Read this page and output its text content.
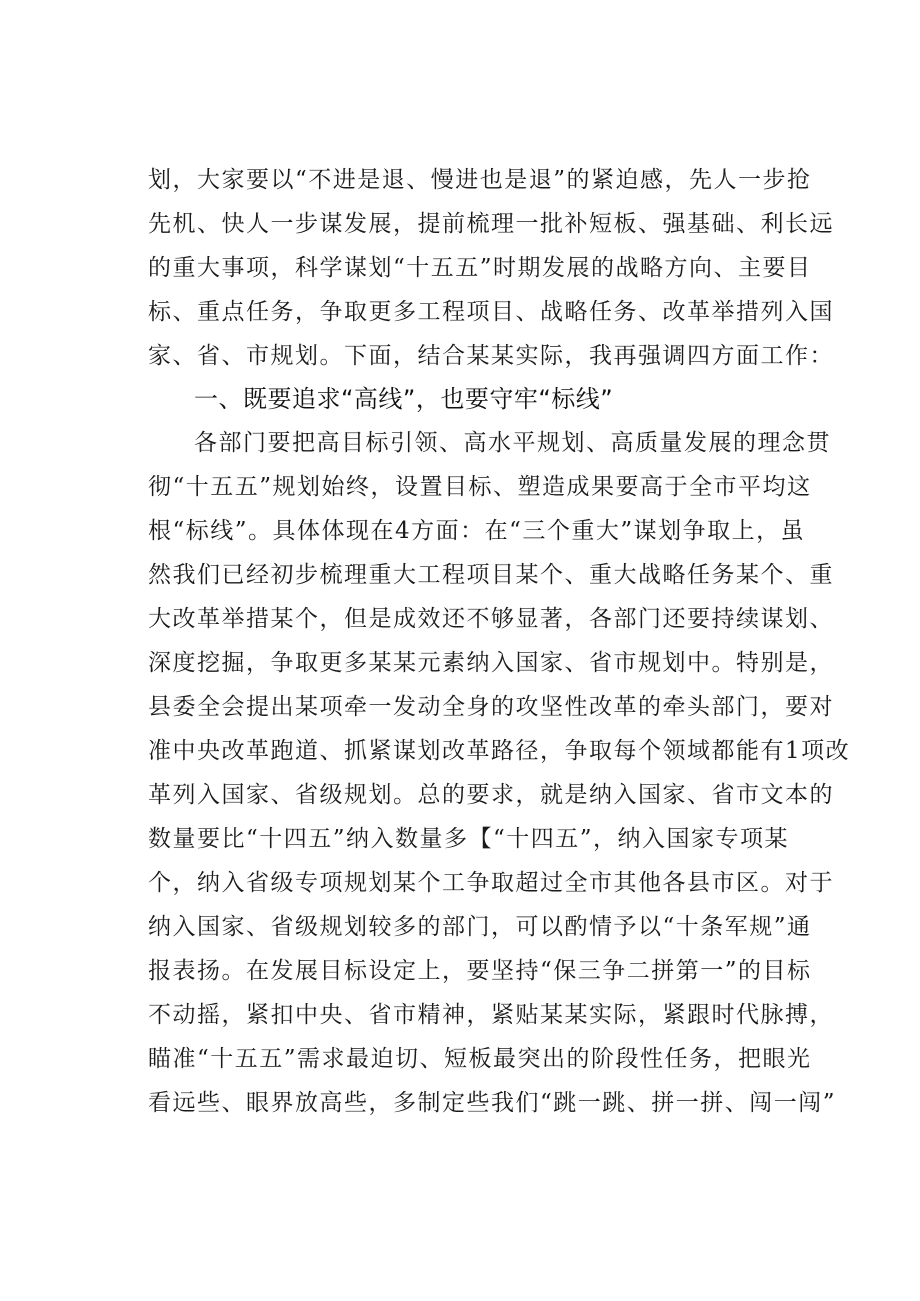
划，大家要以“不进是退、慢进也是退”的紧迫感，先人一步抢
先机、快人一步谋发展，提前梳理一批补短板、强基础、利长远
的重大事项，科学谋划“十五五”时期发展的战略方向、主要目
标、重点任务，争取更多工程项目、战略任务、改革举措列入国
家、省、市规划。下面，结合某某实际，我再强调四方面工作：
一、既要追求“高线”，也要守牢“标线”
各部门要把高目标引领、高水平规划、高质量发展的理念贯
彻“十五五”规划始终，设置目标、塑造成果要高于全市平均这
根“标线”。具体体现在4方面：在“三个重大”谋划争取上，虽
然我们已经初步梳理重大工程项目某个、重大战略任务某个、重
大改革举措某个，但是成效还不够显著，各部门还要持续谋划、
深度挖掘，争取更多某某元素纳入国家、省市规划中。特别是，
县委全会提出某项牵一发动全身的攻坚性改革的牵头部门，要对
准中央改革跑道、抓紧谋划改革路径，争取每个领域都能有1项改
革列入国家、省级规划。总的要求，就是纳入国家、省市文本的
数量要比“十四五”纳入数量多【“十四五”，纳入国家专项某
个，纳入省级专项规划某个工争取超过全市其他各县市区。对于
纳入国家、省级规划较多的部门，可以酌情予以“十条军规”通
报表扬。在发展目标设定上，要坚持“保三争二拼第一”的目标
不动摇，紧扣中央、省市精神，紧贴某某实际，紧跟时代脉搏，
瞄准“十五五”需求最迫切、短板最突出的阶段性任务，把眼光
看远些、眼界放高些，多制定些我们“跳一跳、拼一拼、闯一闯”
